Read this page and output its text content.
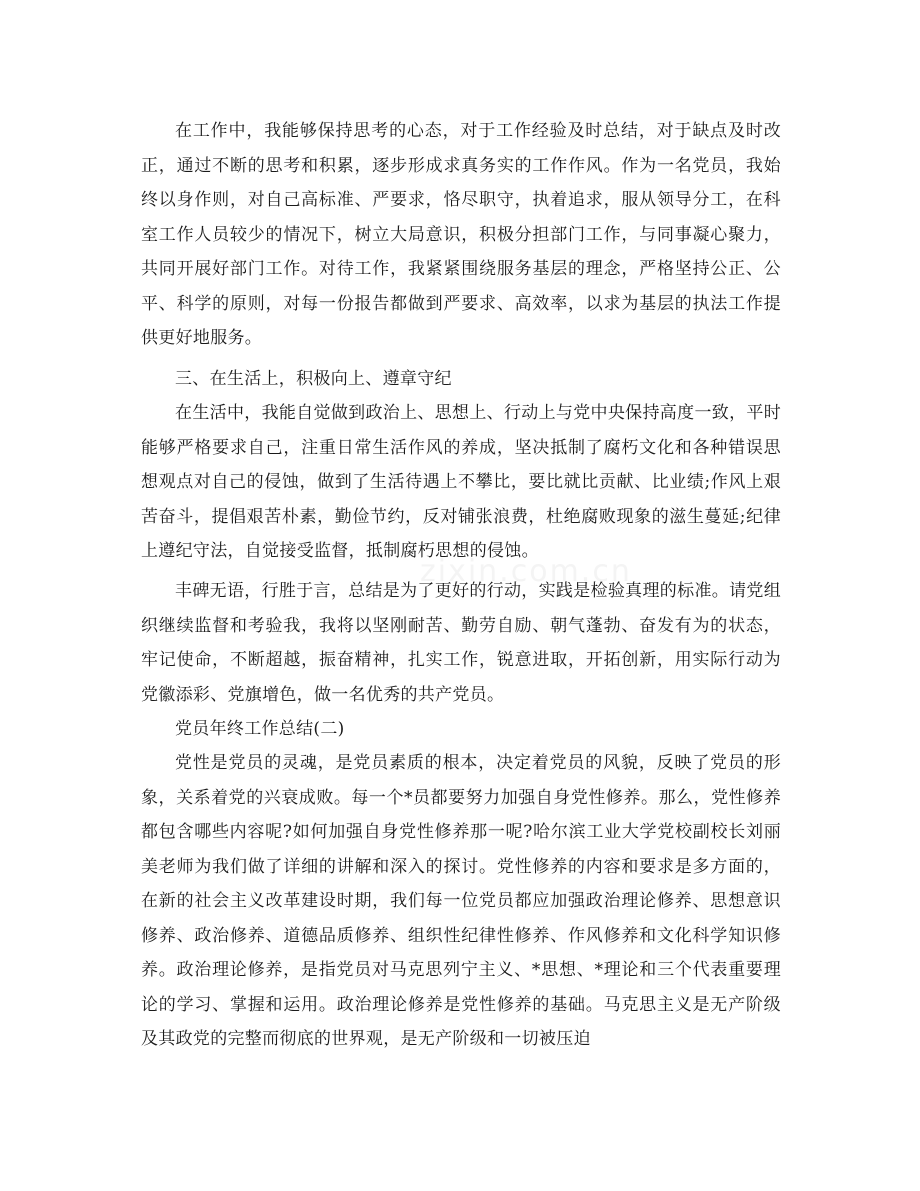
在工作中，我能够保持思考的心态，对于工作经验及时总结，对于缺点及时改正，通过不断的思考和积累，逐步形成求真务实的工作作风。作为一名党员，我始终以身作则，对自己高标准、严要求，恪尽职守，执着追求，服从领导分工，在科室工作人员较少的情况下，树立大局意识，积极分担部门工作，与同事凝心聚力，共同开展好部门工作。对待工作，我紧紧围绕服务基层的理念，严格坚持公正、公平、科学的原则，对每一份报告都做到严要求、高效率，以求为基层的执法工作提供更好地服务。

三、在生活上，积极向上、遵章守纪

在生活中，我能自觉做到政治上、思想上、行动上与党中央保持高度一致，平时能够严格要求自己，注重日常生活作风的养成，坚决抵制了腐朽文化和各种错误思想观点对自己的侵蚀，做到了生活待遇上不攀比，要比就比贡献、比业绩;作风上艰苦奋斗，提倡艰苦朴素，勤俭节约，反对铺张浪费，杜绝腐败现象的滋生蔓延;纪律上遵纪守法，自觉接受监督，抵制腐朽思想的侵蚀。

丰碑无语，行胜于言，总结是为了更好的行动，实践是检验真理的标准。请党组织继续监督和考验我，我将以坚刚耐苦、勤劳自励、朝气蓬勃、奋发有为的状态，牢记使命，不断超越，振奋精神，扎实工作，锐意进取，开拓创新，用实际行动为党徽添彩、党旗增色，做一名优秀的共产党员。

党员年终工作总结(二)

党性是党员的灵魂，是党员素质的根本，决定着党员的风貌，反映了党员的形象，关系着党的兴衰成败。每一个*员都要努力加强自身党性修养。那么，党性修养都包含哪些内容呢?如何加强自身党性修养那一呢?哈尔滨工业大学党校副校长刘丽美老师为我们做了详细的讲解和深入的探讨。党性修养的内容和要求是多方面的，在新的社会主义改革建设时期，我们每一位党员都应加强政治理论修养、思想意识修养、政治修养、道德品质修养、组织性纪律性修养、作风修养和文化科学知识修养。政治理论修养，是指党员对马克思列宁主义、*思想、*理论和三个代表重要理论的学习、掌握和运用。政治理论修养是党性修养的基础。马克思主义是无产阶级及其政党的完整而彻底的世界观，是无产阶级和一切被压迫

zixin.com.cn
